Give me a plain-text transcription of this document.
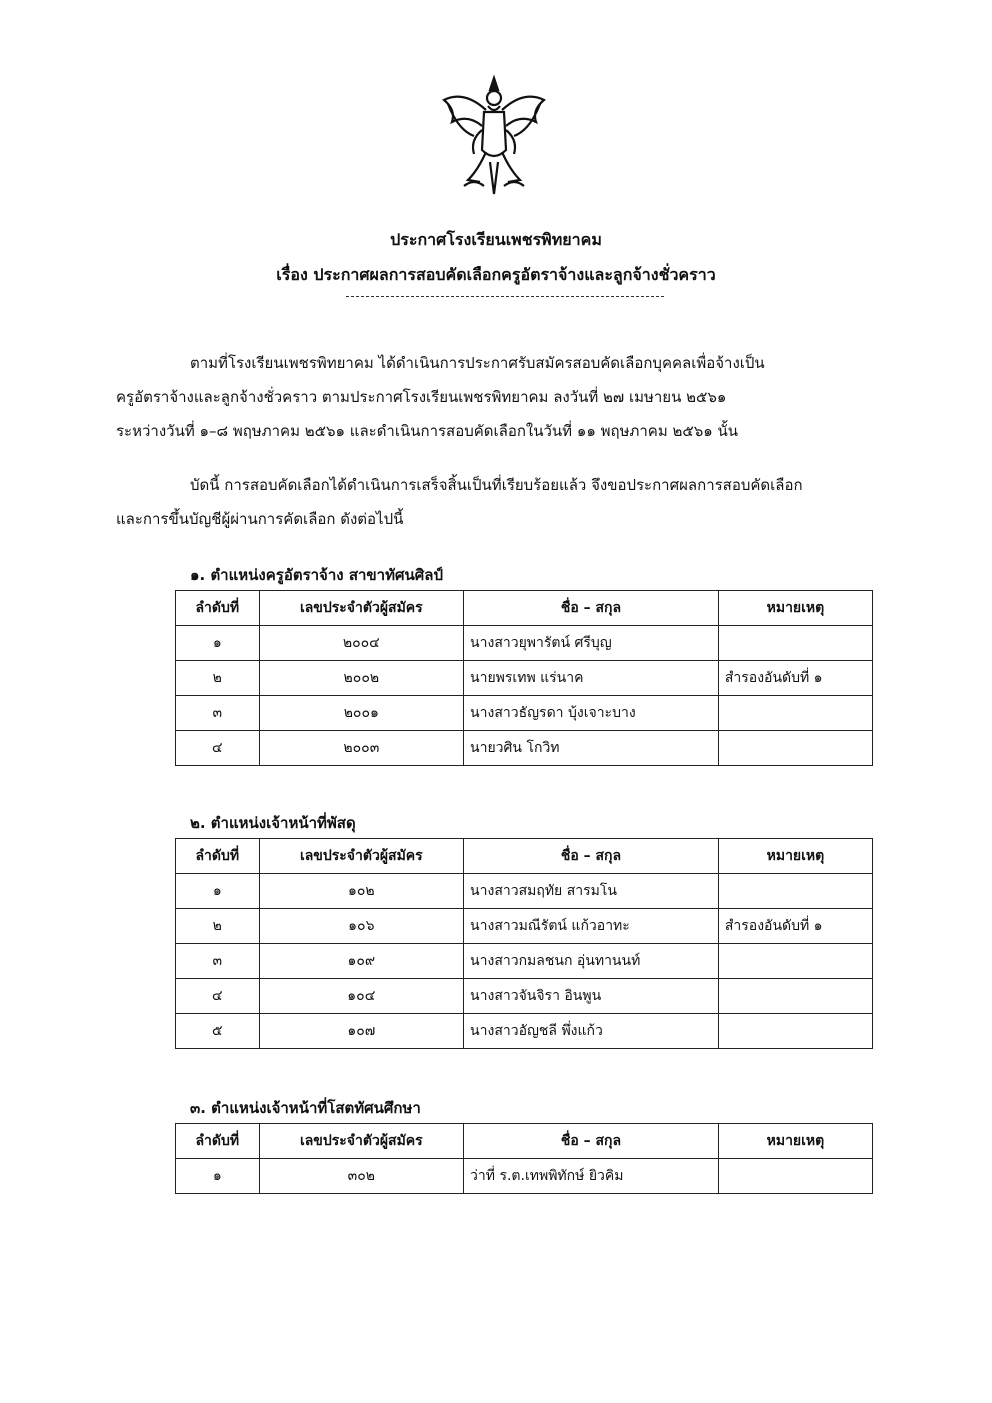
ประกาศโรงเรียนเพชรพิทยาคม
เรื่อง ประกาศผลการสอบคัดเลือกครูอัตราจ้างและลูกจ้างชั่วคราว
ตามที่โรงเรียนเพชรพิทยาคม ได้ดำเนินการประกาศรับสมัครสอบคัดเลือกบุคคลเพื่อจ้างเป็น
ครูอัตราจ้างและลูกจ้างชั่วคราว ตามประกาศโรงเรียนเพชรพิทยาคม ลงวันที่ ๒๗ เมษายน ๒๕๖๑
ระหว่างวันที่ ๑–๘ พฤษภาคม ๒๕๖๑ และดำเนินการสอบคัดเลือกในวันที่ ๑๑ พฤษภาคม ๒๕๖๑ นั้น
บัดนี้ การสอบคัดเลือกได้ดำเนินการเสร็จสิ้นเป็นที่เรียบร้อยแล้ว จึงขอประกาศผลการสอบคัดเลือก
และการขึ้นบัญชีผู้ผ่านการคัดเลือก ดังต่อไปนี้
๑. ตำแหน่งครูอัตราจ้าง สาขาทัศนศิลป์
ลำดับที่	เลขประจำตัวผู้สมัคร	ชื่อ – สกุล	หมายเหตุ
๑	๒๐๐๔	นางสาวยุพารัตน์ ศรีบุญ	
๒	๒๐๐๒	นายพรเทพ แร่นาค	สำรองอันดับที่ ๑
๓	๒๐๐๑	นางสาวธัญรดา บุ้งเจาะบาง	
๔	๒๐๐๓	นายวศิน โกวิท	
๒. ตำแหน่งเจ้าหน้าที่พัสดุ
ลำดับที่	เลขประจำตัวผู้สมัคร	ชื่อ – สกุล	หมายเหตุ
๑	๑๐๒	นางสาวสมฤทัย สารมโน	
๒	๑๐๖	นางสาวมณีรัตน์ แก้วอาทะ	สำรองอันดับที่ ๑
๓	๑๐๙	นางสาวกมลชนก อุ่นทานนท์	
๔	๑๐๔	นางสาวจันจิรา อินพูน	
๕	๑๐๗	นางสาวอัญชลี พึ่งแก้ว	
๓. ตำแหน่งเจ้าหน้าที่โสตทัศนศึกษา
ลำดับที่	เลขประจำตัวผู้สมัคร	ชื่อ – สกุล	หมายเหตุ
๑	๓๐๒	ว่าที่ ร.ต.เทพพิทักษ์ ยิวคิม	
